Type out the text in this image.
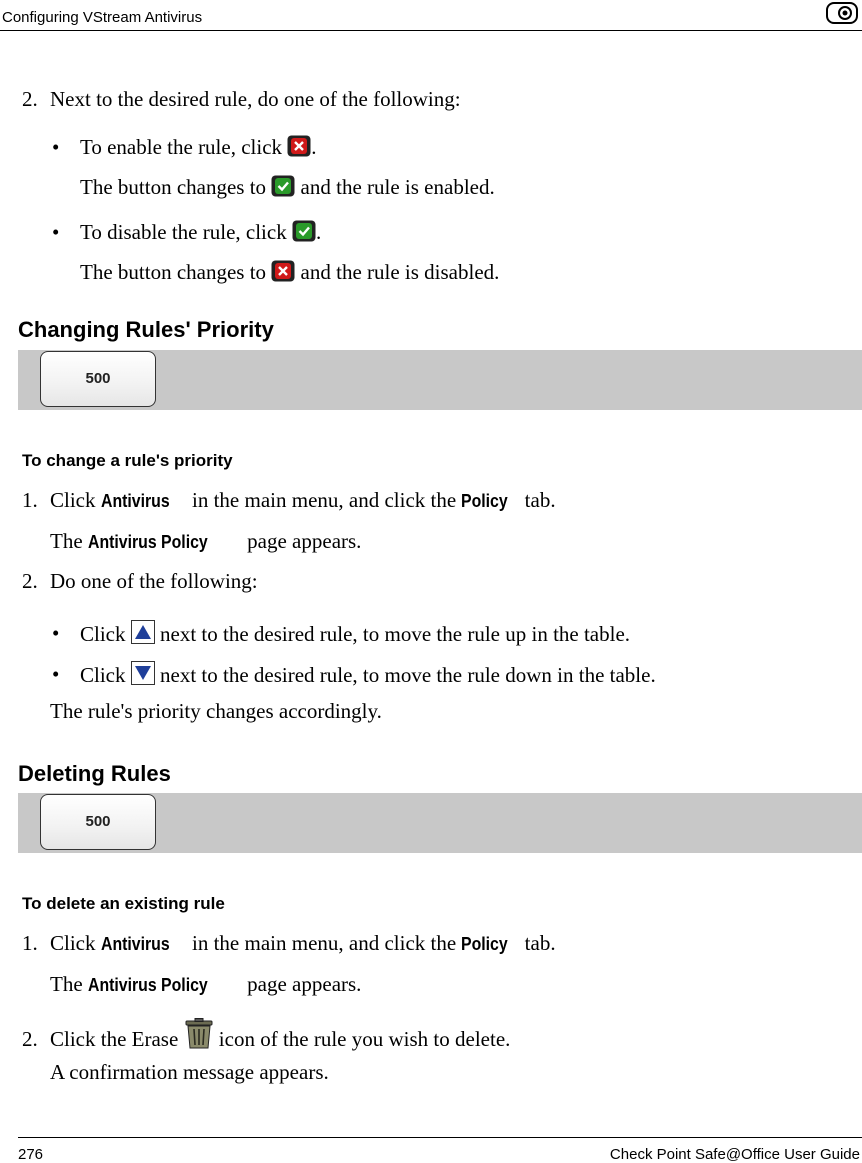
Configuring VStream Antivirus
2. Next to the desired rule, do one of the following:
• To enable the rule, click .
The button changes to and the rule is enabled.
• To disable the rule, click .
The button changes to and the rule is disabled.
Changing Rules' Priority
500
To change a rule's priority
1. Click Antivirus in the main menu, and click the Policy tab.
The Antivirus Policy page appears.
2. Do one of the following:
• Click next to the desired rule, to move the rule up in the table.
• Click next to the desired rule, to move the rule down in the table.
The rule's priority changes accordingly.
Deleting Rules
500
To delete an existing rule
1. Click Antivirus in the main menu, and click the Policy tab.
The Antivirus Policy page appears.
2. Click the Erase icon of the rule you wish to delete.
A confirmation message appears.
276	Check Point Safe@Office User Guide
